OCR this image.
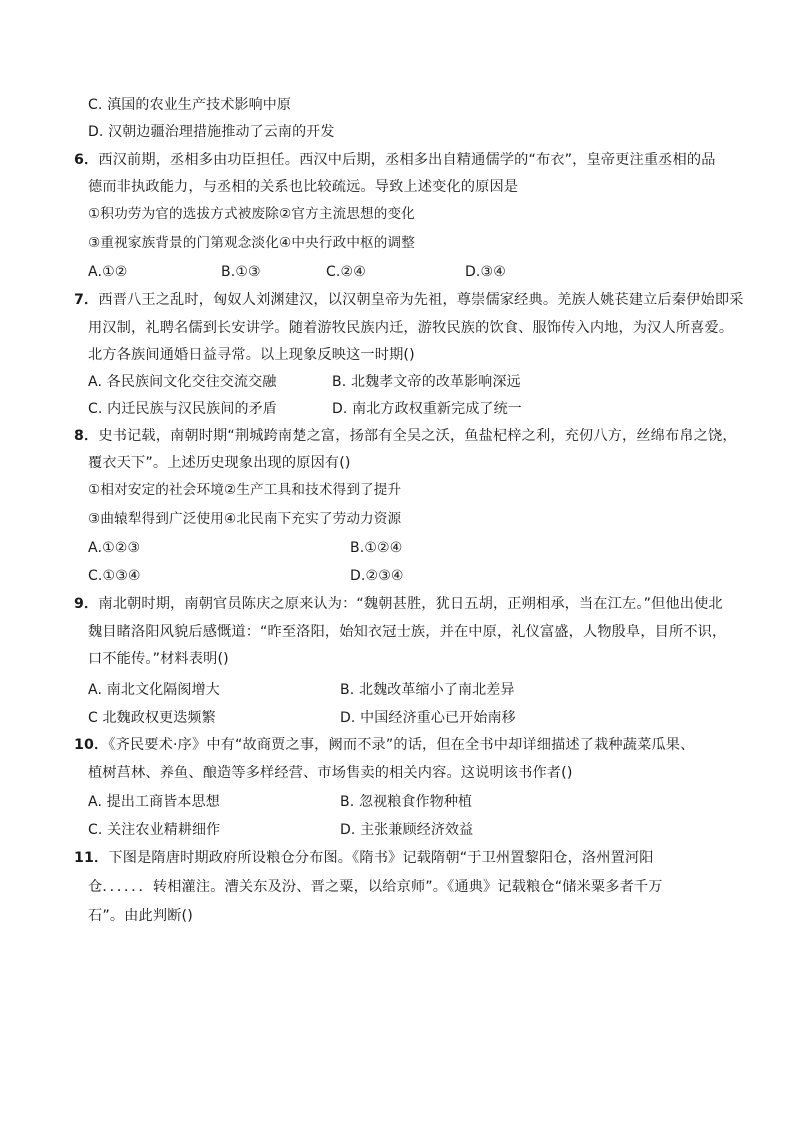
C. 滇国的农业生产技术影响中原
D. 汉朝边疆治理措施推动了云南的开发
6．西汉前期，丞相多由功臣担任。西汉中后期，丞相多出自精通儒学的“布衣”，皇帝更注重丞相的品
德而非执政能力，与丞相的关系也比较疏远。导致上述变化的原因是
①积功劳为官的选拔方式被废除②官方主流思想的变化
③重视家族背景的门第观念淡化④中央行政中枢的调整
A.①②	B.①③	C.②④	D.③④
7．西晋八王之乱时，匈奴人刘渊建汉，以汉朝皇帝为先祖，尊崇儒家经典。羌族人姚苌建立后秦伊始即采
用汉制，礼聘名儒到长安讲学。随着游牧民族内迁，游牧民族的饮食、服饰传入内地，为汉人所喜爱。
北方各族间通婚日益寻常。以上现象反映这一时期()
A. 各民族间文化交往交流交融	B. 北魏孝文帝的改革影响深远
C. 内迁民族与汉民族间的矛盾	D. 南北方政权重新完成了统一
8．史书记载，南朝时期“荆城跨南楚之富，扬部有全吴之沃，鱼盐杞梓之利，充仞八方，丝绵布帛之饶，
覆衣天下”。上述历史现象出现的原因有()
①相对安定的社会环境②生产工具和技术得到了提升
③曲辕犁得到广泛使用④北民南下充实了劳动力资源
A.①②③	B.①②④
C.①③④	D.②③④
9．南北朝时期，南朝官员陈庆之原来认为：“魏朝甚胜，犹日五胡，正朔相承，当在江左。”但他出使北
魏目睹洛阳风貌后感慨道：“昨至洛阳，始知衣冠士族，并在中原，礼仪富盛，人物殷阜，目所不识，
口不能传。”材料表明()
A. 南北文化隔阂增大	B. 北魏改革缩小了南北差异
C 北魏政权更迭频繁	D. 中国经济重心已开始南移
10．《齐民要术·序》中有“故商贾之事，阙而不录”的话，但在全书中却详细描述了栽种蔬菜瓜果、
植树莒林、养鱼、酿造等多样经营、市场售卖的相关内容。这说明该书作者()
A. 提出工商皆本思想	B. 忽视粮食作物种植
C. 关注农业精耕细作	D. 主张兼顾经济效益
11．下图是隋唐时期政府所设粮仓分布图。《隋书》记载隋朝“于卫州置黎阳仓，洛州置河阳
仓．．．．．．转相灌注。漕关东及汾、晋之粟，以给京师”。《通典》记载粮仓“储米粟多者千万
石”。由此判断()
